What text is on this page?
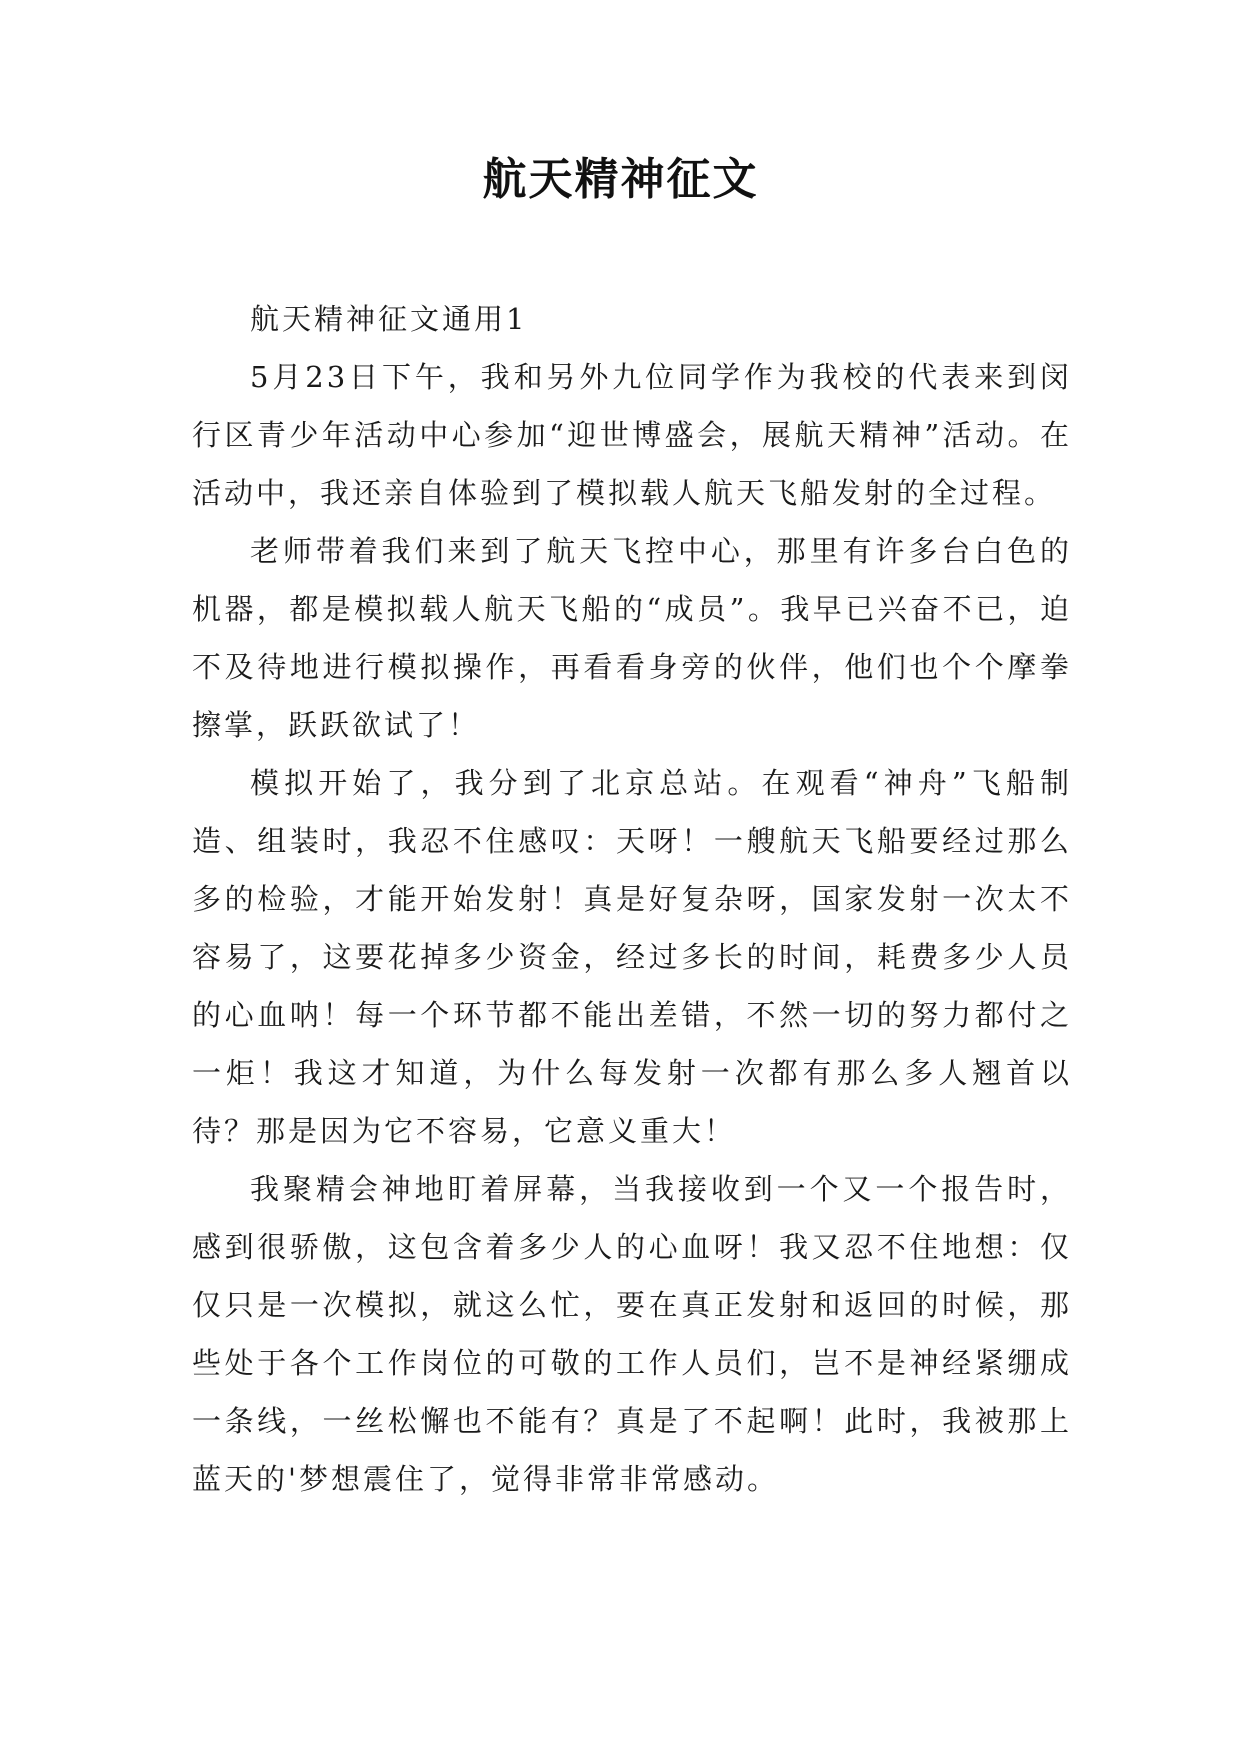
航天精神征文

航天精神征文通用1

5月23日下午，我和另外九位同学作为我校的代表来到闵行区青少年活动中心参加“迎世博盛会，展航天精神”活动。在活动中，我还亲自体验到了模拟载人航天飞船发射的全过程。

老师带着我们来到了航天飞控中心，那里有许多台白色的机器，都是模拟载人航天飞船的“成员”。我早已兴奋不已，迫不及待地进行模拟操作，再看看身旁的伙伴，他们也个个摩拳擦掌，跃跃欲试了！

模拟开始了，我分到了北京总站。在观看“神舟”飞船制造、组装时，我忍不住感叹：天呀！一艘航天飞船要经过那么多的检验，才能开始发射！真是好复杂呀，国家发射一次太不容易了，这要花掉多少资金，经过多长的时间，耗费多少人员的心血呐！每一个环节都不能出差错，不然一切的努力都付之一炬！我这才知道，为什么每发射一次都有那么多人翘首以待？那是因为它不容易，它意义重大！

我聚精会神地盯着屏幕，当我接收到一个又一个报告时，感到很骄傲，这包含着多少人的心血呀！我又忍不住地想：仅仅只是一次模拟，就这么忙，要在真正发射和返回的时候，那些处于各个工作岗位的可敬的工作人员们，岂不是神经紧绷成一条线，一丝松懈也不能有？真是了不起啊！此时，我被那上蓝天的'梦想震住了，觉得非常非常感动。
